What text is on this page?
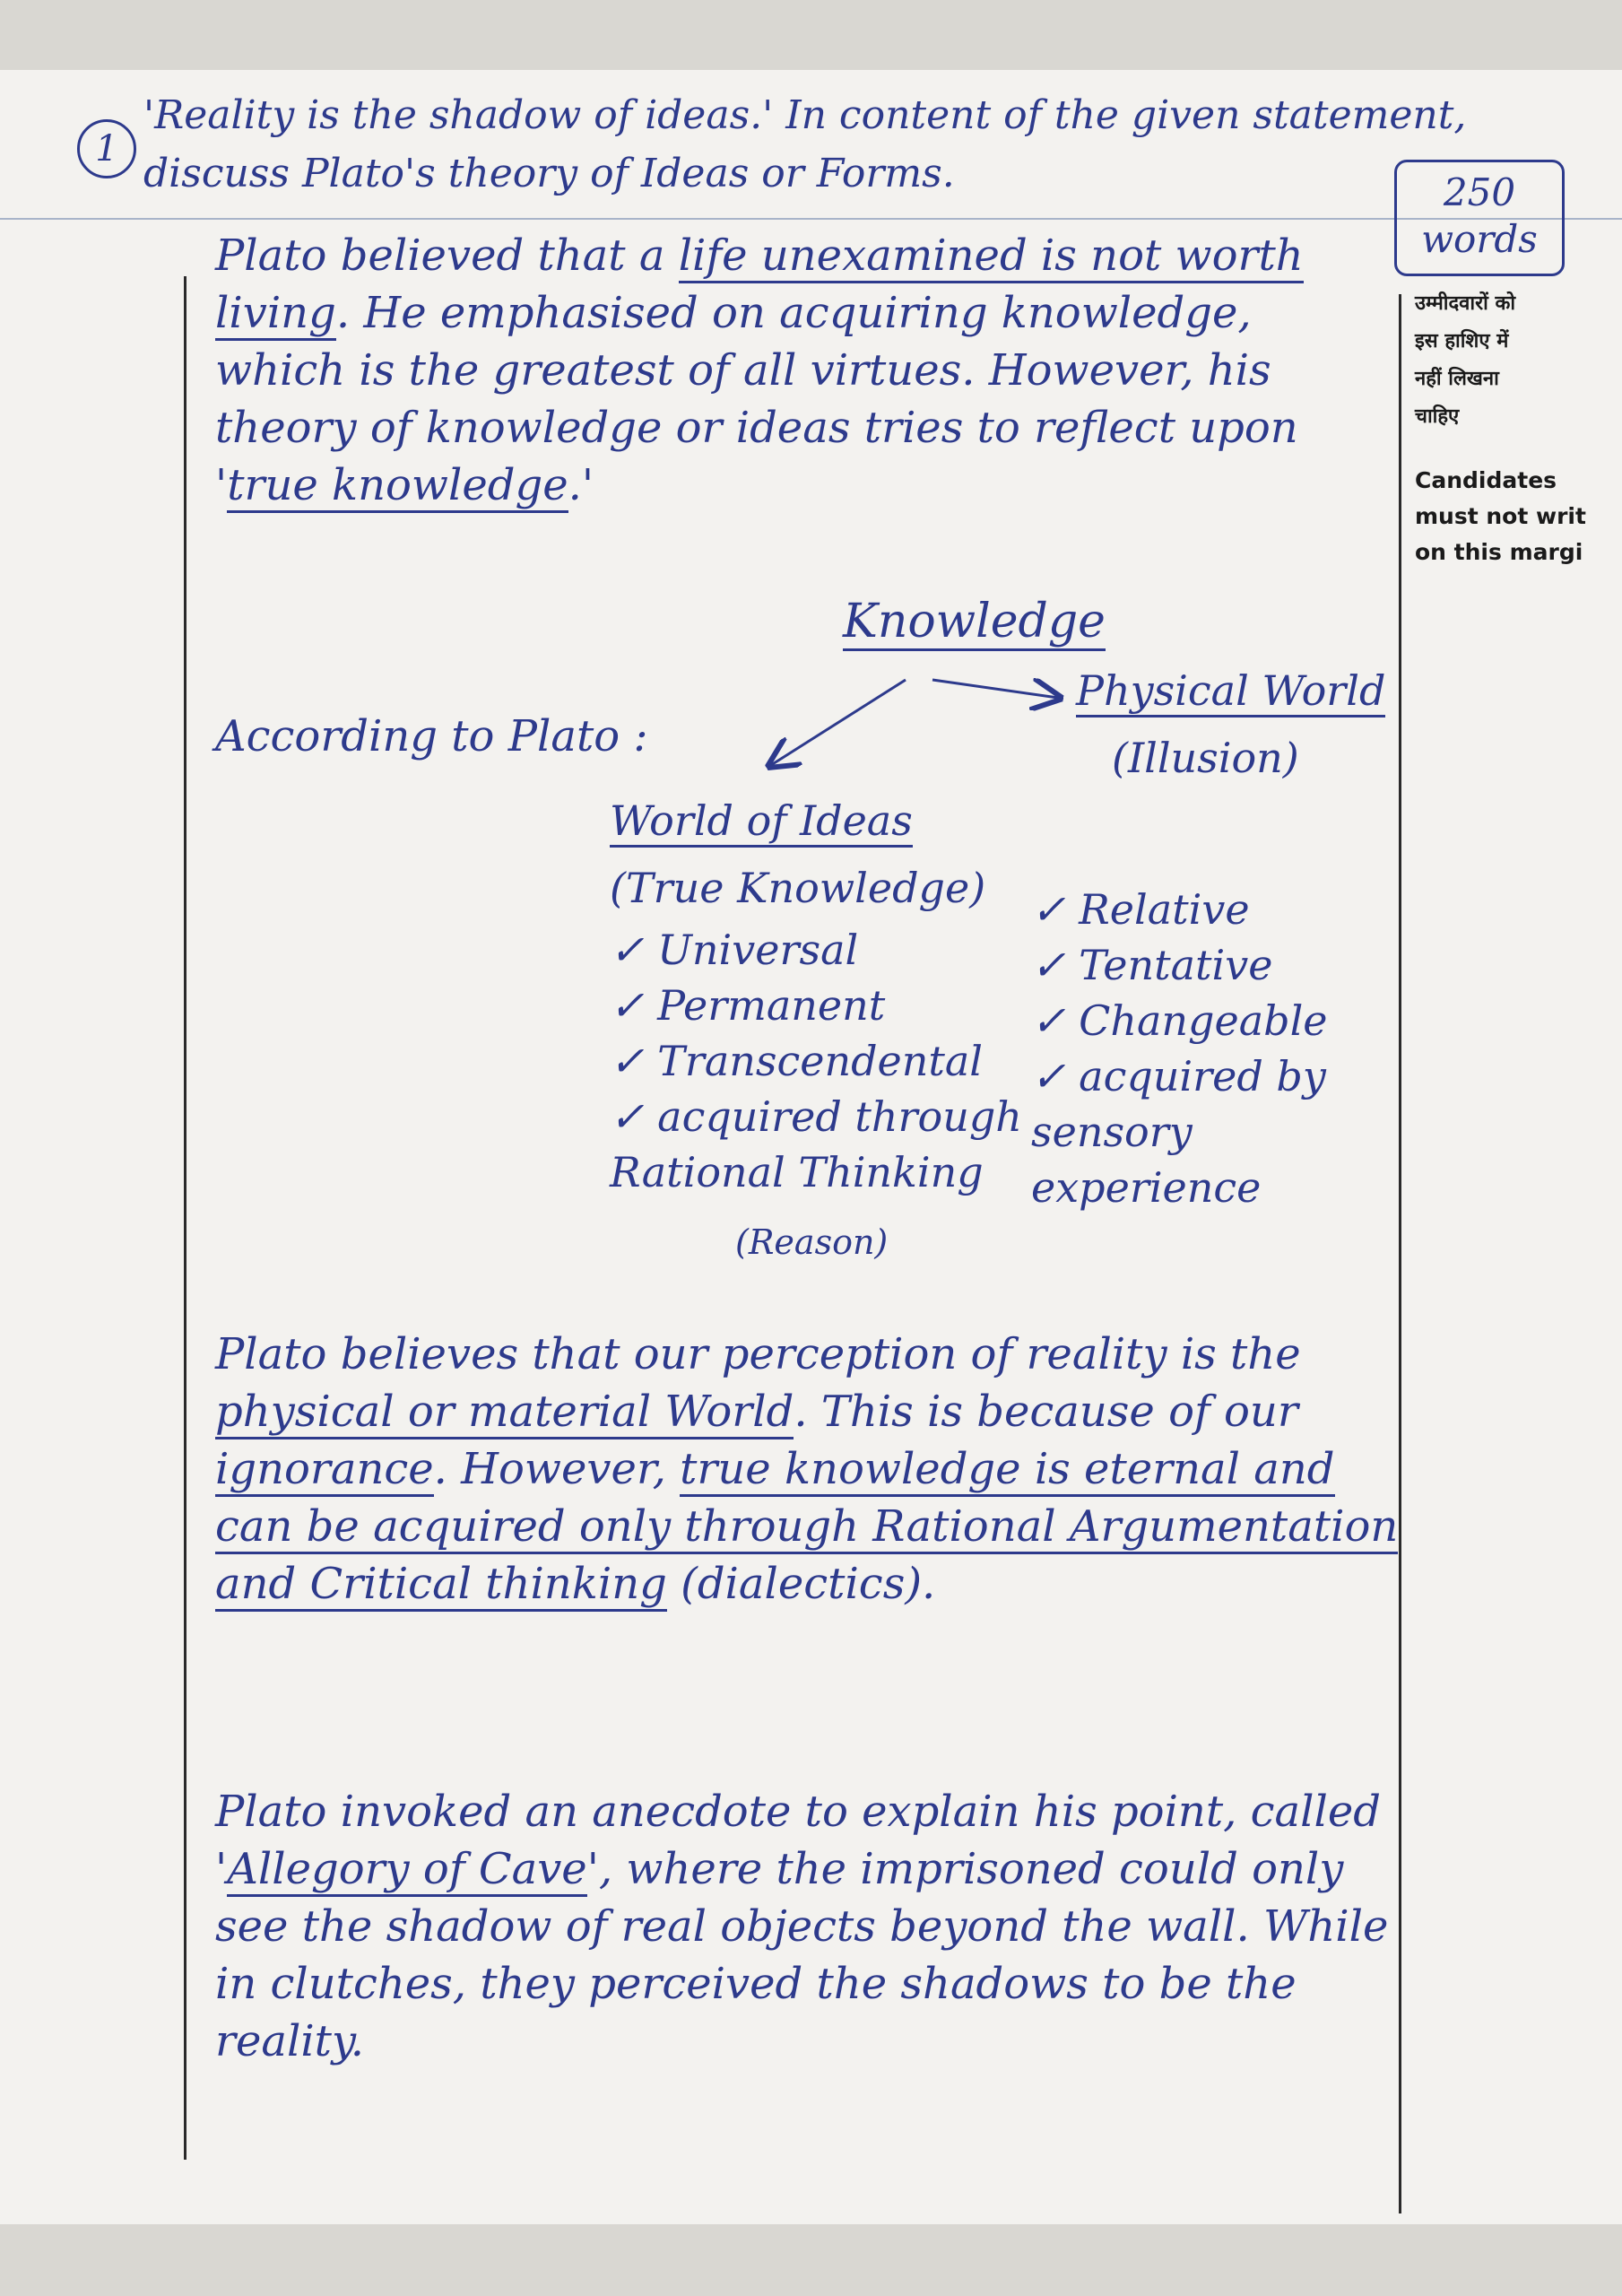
1
'Reality is the shadow of ideas.' In content of the given statement,
discuss Plato's theory of Ideas or Forms.	250
words
उम्मीदवारों को
इस हाशिए में
नहीं लिखना
चाहिए
Candidates
must not writ
on this margi
Plato believed that a life unexamined is not worth living. He emphasised on acquiring knowledge, which is the greatest of all virtues. However, his theory of knowledge or ideas tries to reflect upon 'true knowledge.'
According to Plato :
Knowledge
Physical World
(Illusion)
World of Ideas
(True Knowledge)
✓ Universal
✓ Permanent
✓ Transcendental
✓ acquired through
Rational Thinking
(Reason)
✓ Relative
✓ Tentative
✓ Changeable
✓ acquired by
sensory
experience
Plato believes that our perception of reality is the physical or material World. This is because of our ignorance. However, true knowledge is eternal and can be acquired only through Rational Argumentation and Critical thinking (dialectics).
Plato invoked an anecdote to explain his point, called 'Allegory of Cave', where the imprisoned could only see the shadow of real objects beyond the wall. While in clutches, they perceived the shadows to be the reality.
